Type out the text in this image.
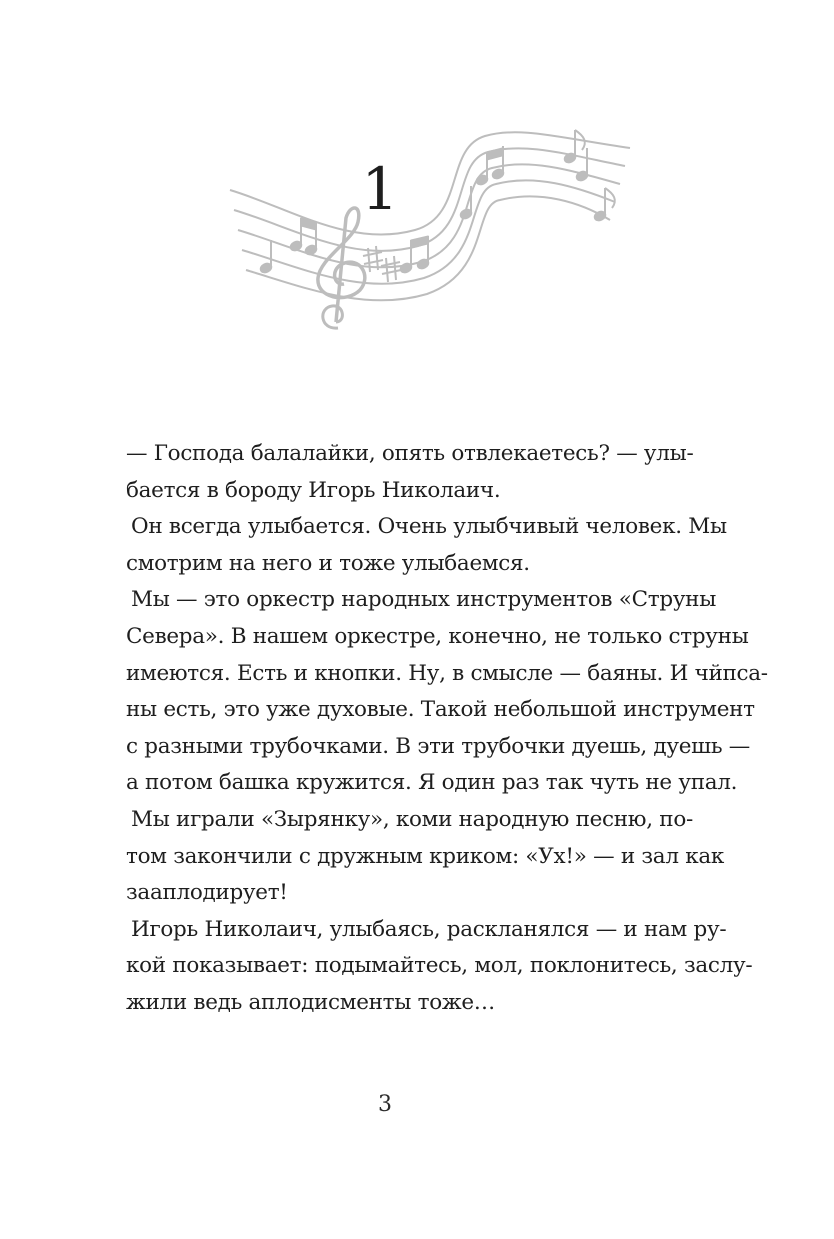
1
— Господа балалайки, опять отвлекаетесь? — улы-
бается в бороду Игорь Николаич.
Он всегда улыбается. Очень улыбчивый человек. Мы
смотрим на него и тоже улыбаемся.
Мы — это оркестр народных инструментов «Струны
Севера». В нашем оркестре, конечно, не только струны
имеются. Есть и кнопки. Ну, в смысле — баяны. И чйпса-
ны есть, это уже духовые. Такой небольшой инструмент
с разными трубочками. В эти трубочки дуешь, дуешь —
а потом башка кружится. Я один раз так чуть не упал.
Мы играли «Зырянку», коми народную песню, по-
том закончили с дружным криком: «Ух!» — и зал как
зааплодирует!
Игорь Николаич, улыбаясь, раскланялся — и нам ру-
кой показывает: подымайтесь, мол, поклонитесь, заслу-
жили ведь аплодисменты тоже…
3
